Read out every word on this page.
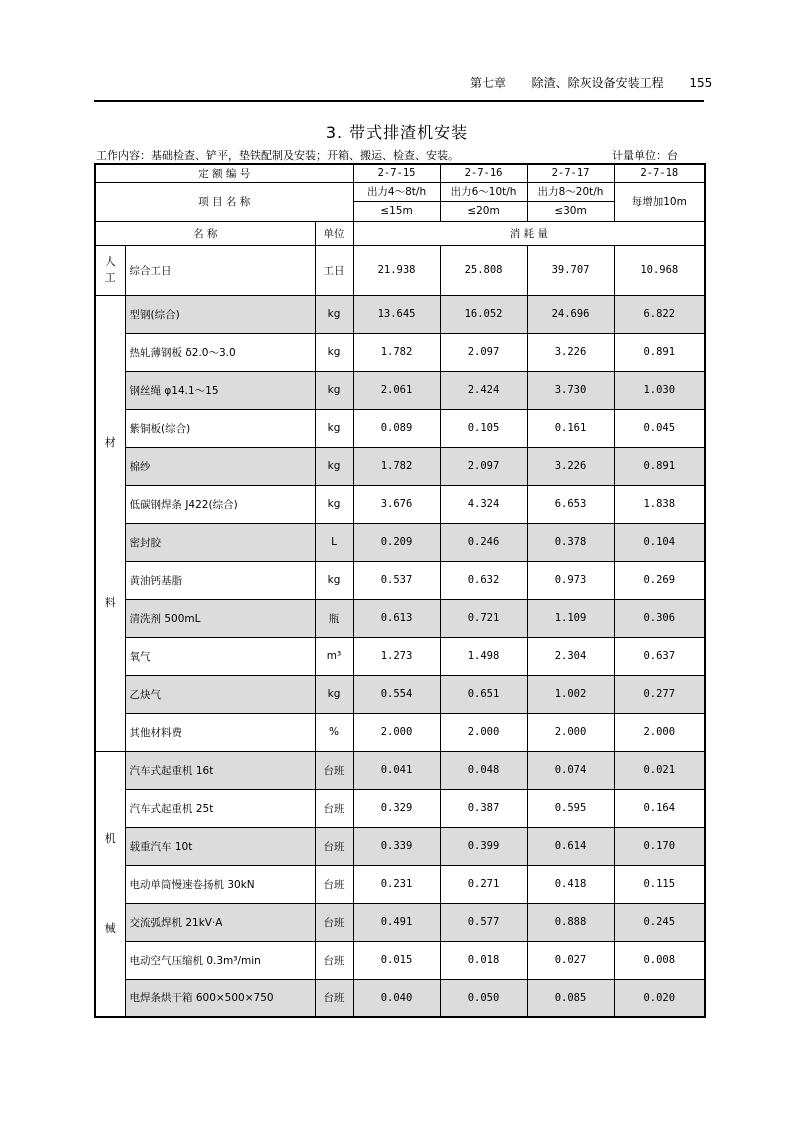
第七章 除渣、除灰设备安装工程 155
3. 带式排渣机安装
工作内容：基础检查、铲平，垫铁配制及安装；开箱、搬运、检查、安装。	计量单位：台
定 额 编 号			2-7-15	2-7-16	2-7-17	2-7-18
项 目 名 称			出力4～8t/h	出力6～10t/h	出力8～20t/h	每增加10m
			≤15m	≤20m	≤30m	
名 称		单位	消 耗 量			

人
工	综合工日	工日	21.938	25.808	39.707	10.968

材
料	型钢(综合)	kg	13.645	16.052	24.696	6.822
	热轧薄钢板 δ2.0～3.0	kg	1.782	2.097	3.226	0.891
	钢丝绳 φ14.1～15	kg	2.061	2.424	3.730	1.030
	紫铜板(综合)	kg	0.089	0.105	0.161	0.045
	棉纱	kg	1.782	2.097	3.226	0.891
	低碳钢焊条 J422(综合)	kg	3.676	4.324	6.653	1.838
	密封胶	L	0.209	0.246	0.378	0.104
	黄油钙基脂	kg	0.537	0.632	0.973	0.269
	清洗剂 500mL	瓶	0.613	0.721	1.109	0.306
	氧气	m³	1.273	1.498	2.304	0.637
	乙炔气	kg	0.554	0.651	1.002	0.277
	其他材料费	%	2.000	2.000	2.000	2.000

机
械	汽车式起重机 16t	台班	0.041	0.048	0.074	0.021
	汽车式起重机 25t	台班	0.329	0.387	0.595	0.164
	载重汽车 10t	台班	0.339	0.399	0.614	0.170
	电动单筒慢速卷扬机 30kN	台班	0.231	0.271	0.418	0.115
	交流弧焊机 21kV·A	台班	0.491	0.577	0.888	0.245
	电动空气压缩机 0.3m³/min	台班	0.015	0.018	0.027	0.008
	电焊条烘干箱 600×500×750	台班	0.040	0.050	0.085	0.020
